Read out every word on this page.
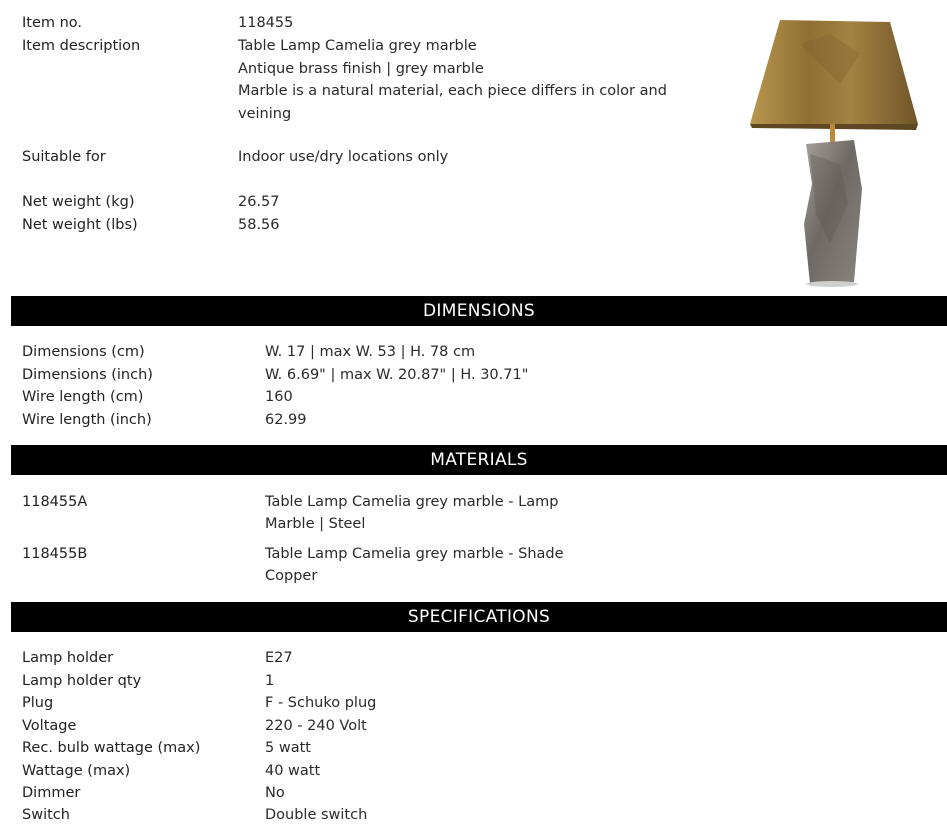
Item no.	118455
Item description	Table Lamp Camelia grey marble
Antique brass finish | grey marble
Marble is a natural material, each piece differs in color and
veining
Suitable for	Indoor use/dry locations only
Net weight (kg)	26.57
Net weight (lbs)	58.56
DIMENSIONS
Dimensions (cm)	W. 17 | max W. 53 | H. 78 cm
Dimensions (inch)	W. 6.69" | max W. 20.87" | H. 30.71"
Wire length (cm)	160
Wire length (inch)	62.99
MATERIALS
118455A	Table Lamp Camelia grey marble - Lamp
Marble | Steel
118455B	Table Lamp Camelia grey marble - Shade
Copper
SPECIFICATIONS
Lamp holder	E27
Lamp holder qty	1
Plug	F - Schuko plug
Voltage	220 - 240 Volt
Rec. bulb wattage (max)	5 watt
Wattage (max)	40 watt
Dimmer	No
Switch	Double switch
